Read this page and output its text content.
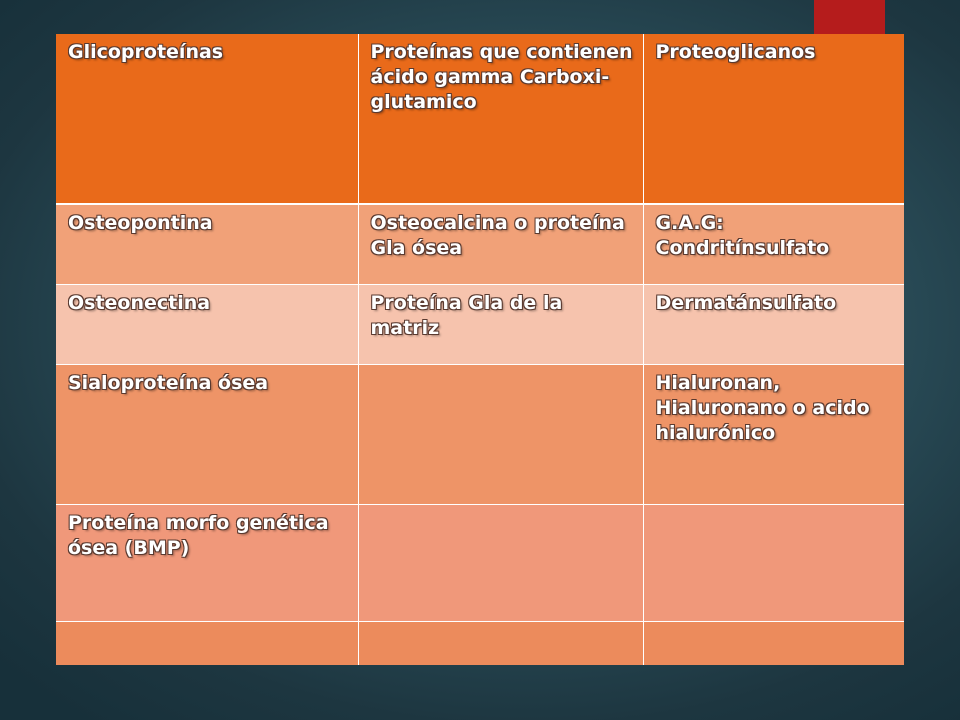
Glicoproteínas	Proteínas que contienen ácido gamma Carboxi-glutamico	Proteoglicanos
Osteopontina	Osteocalcina o proteína Gla ósea	G.A.G: Condritínsulfato
Osteonectina	Proteína Gla de la matriz	Dermatánsulfato
Sialoproteína ósea		Hialuronan, Hialuronano o acido hialurónico
Proteína morfo genética ósea (BMP)		
